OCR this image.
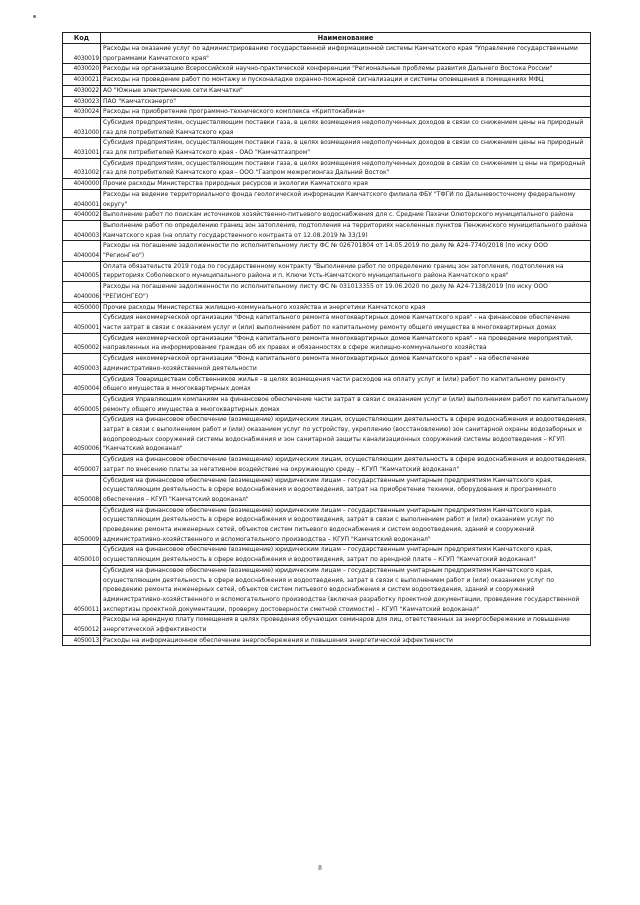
Код	Наименование
4030019	Расходы на оказание услуг по администрированию государственной информационной системы Камчатского края "Управление государственными программами Камчатского края"
4030020	Расходы на организацию Всероссийской научно-практической конференции "Региональные проблемы развития Дальнего Востока России"
4030021	Расходы на проведение работ по монтажу и пусконаладке охранно-пожарной сигнализации и системы оповещения в помещениях МФЦ
4030022	АО "Южные электрические сети Камчатки"
4030023	ПАО "Камчатскэнерго"
4030024	Расходы на приобретение программно-технического комплекса «Криптокабина»
4031000	Субсидия предприятиям, осуществляющим поставки газа, в целях возмещения недополученных доходов в связи со снижением цены на природный газ для потребителей Камчатского края
4031001	Субсидия предприятиям, осуществляющим поставки газа, в целях возмещения недополученных доходов в связи со снижением цены на природный газ для потребителей Камчатского края - ОАО "Камчатгазпром"
4031002	Субсидия предприятиям, осуществляющим поставки газа, в целях возмещения недополученных доходов в связи со снижением ц ены на природный газ для потребителей Камчатского края - ООО "Газпром межрегионгаз Дальний Восток"
4040000	Прочие расходы Министерства природных ресурсов и экологии Камчатского края
4040001	Расходы на ведение территориального фонда геологической информации Камчатского филиала ФБУ "ТФГИ по Дальневосточному федеральному округу"
4040002	Выполнение работ по поискам источников хозяйственно-питьевого водоснабжения для с. Средние Пахачи Олюторского муниципального района
4040003	Выполнение работ по определению границ зон затопления, подтопления на территориях населенных пунктов Пенжинского муниципального района Камчатского края (на оплату государственного контракта от 12.08.2019 № 33/19)
4040004	Расходы на погашение задолженности по исполнительному листу ФС № 026701804 от 14.05.2019 по делу № А24-7740/2018 (по иску ООО "РегионГео")
4040005	Оплата обязательств 2019 года по государственному контракту "Выполнение работ по определению границ зон затопления, подтопления на территориях Соболевского муниципального района и п. Ключи Усть-Камчатского муниципального района Камчатского края"
4040006	Расходы на погашение задолженности по исполнительному листу ФС № 031013355 от 19.06.2020 по делу № А24-7138/2019 (по иску ООО "РЕГИОНГЕО")
4050000	Прочие расходы Министерства жилищно-коммунального хозяйства и энергетики Камчатского края
4050001	Субсидия некоммерческой организации "Фонд капитального ремонта многоквартирных домов Камчатского края" - на финансовое обеспечение части затрат в связи с оказанием услуг и (или) выполнением работ по капитальному ремонту общего имущества в многоквартирных домах
4050002	Субсидия некоммерческой организации "Фонд капитального ремонта многоквартирных домов Камчатского края" - на проведение мероприятий, направленных на информирование граждан об их правах и обязанностях в сфере жилищно-коммунального хозяйства
4050003	Субсидия некоммерческой организации "Фонд капитального ремонта многоквартирных домов Камчатского края" - на обеспечение административно-хозяйственной деятельности
4050004	Субсидия Товариществам собственников жилья - в целях возмещения части расходов на оплату услуг и (или) работ по капитальному ремонту общего имущества в многоквартирных домах
4050005	Субсидия Управляющим компаниям на финансовое обеспечение части затрат в связи с оказанием услуг и (или) выполнением работ по капитальному ремонту общего имущества в многоквартирных домах
4050006	Субсидия на финансовое обеспечение (возмещение) юридическим лицам, осуществляющим деятельность в сфере водоснабжения и водоотведения, затрат в связи с выполнением работ и (или) оказанием услуг по устройству, укреплению (восстановлению) зон санитарной охраны водозаборных и водопроводных сооружений системы водоснабжения и зон санитарной защиты канализационных сооружений системы водоотведения – КГУП "Камчатский водоканал"
4050007	Субсидия на финансовое обеспечение (возмещение) юридическим лицам, осуществляющим деятельность в сфере водоснабжения и водоотведения, затрат по внесению платы за негативное воздействие на окружающую среду – КГУП "Камчатский водоканал"
4050008	Субсидия на финансовое обеспечение (возмещение) юридическим лицам – государственным унитарным предприятиям Камчатского края, осуществляющим деятельность в сфере водоснабжения и водоотведения, затрат на приобретение техники, оборудования и программного обеспечения – КГУП "Камчатский водоканал"
4050009	Субсидия на финансовое обеспечение (возмещение) юридическим лицам – государственным унитарным предприятиям Камчатского края, осуществляющим деятельность в сфере водоснабжения и водоотведения, затрат в связи с выполнением работ и (или) оказанием услуг по проведению ремонта инженерных сетей, объектов систем питьевого водоснабжения и систем водоотведения, зданий и сооружений административно-хозяйственного и вспомогательного производства – КГУП "Камчатский водоканал"
4050010	Субсидия на финансовое обеспечение (возмещение) юридическим лицам – государственным унитарным предприятиям Камчатского края, осуществляющим деятельность в сфере водоснабжения и водоотведения, затрат по арендной плате – КГУП "Камчатский водоканал"
4050011	Субсидия на финансовое обеспечение (возмещение) юридическим лицам – государственным унитарным предприятиям Камчатского края, осуществляющим деятельность в сфере водоснабжения и водоотведения, затрат в связи с выполнением работ и (или) оказанием услуг по проведению ремонта инженерных сетей, объектов систем питьевого водоснабжения и систем водоотведения, зданий и сооружений административно-хозяйственного и вспомогательного производства (включая разработку проектной документации, проведение государственной экспертизы проектной документации, проверку достоверности сметной стоимости) – КГУП "Камчатский водоканал"
4050012	Расходы на арендную плату помещения в целях проведения обучающих семинаров для лиц, ответственных за энергосбережение и повышение энергетической эффективности
4050013	Расходы на информационное обеспечение энергосбережения и повышения энергетической эффективности
8
